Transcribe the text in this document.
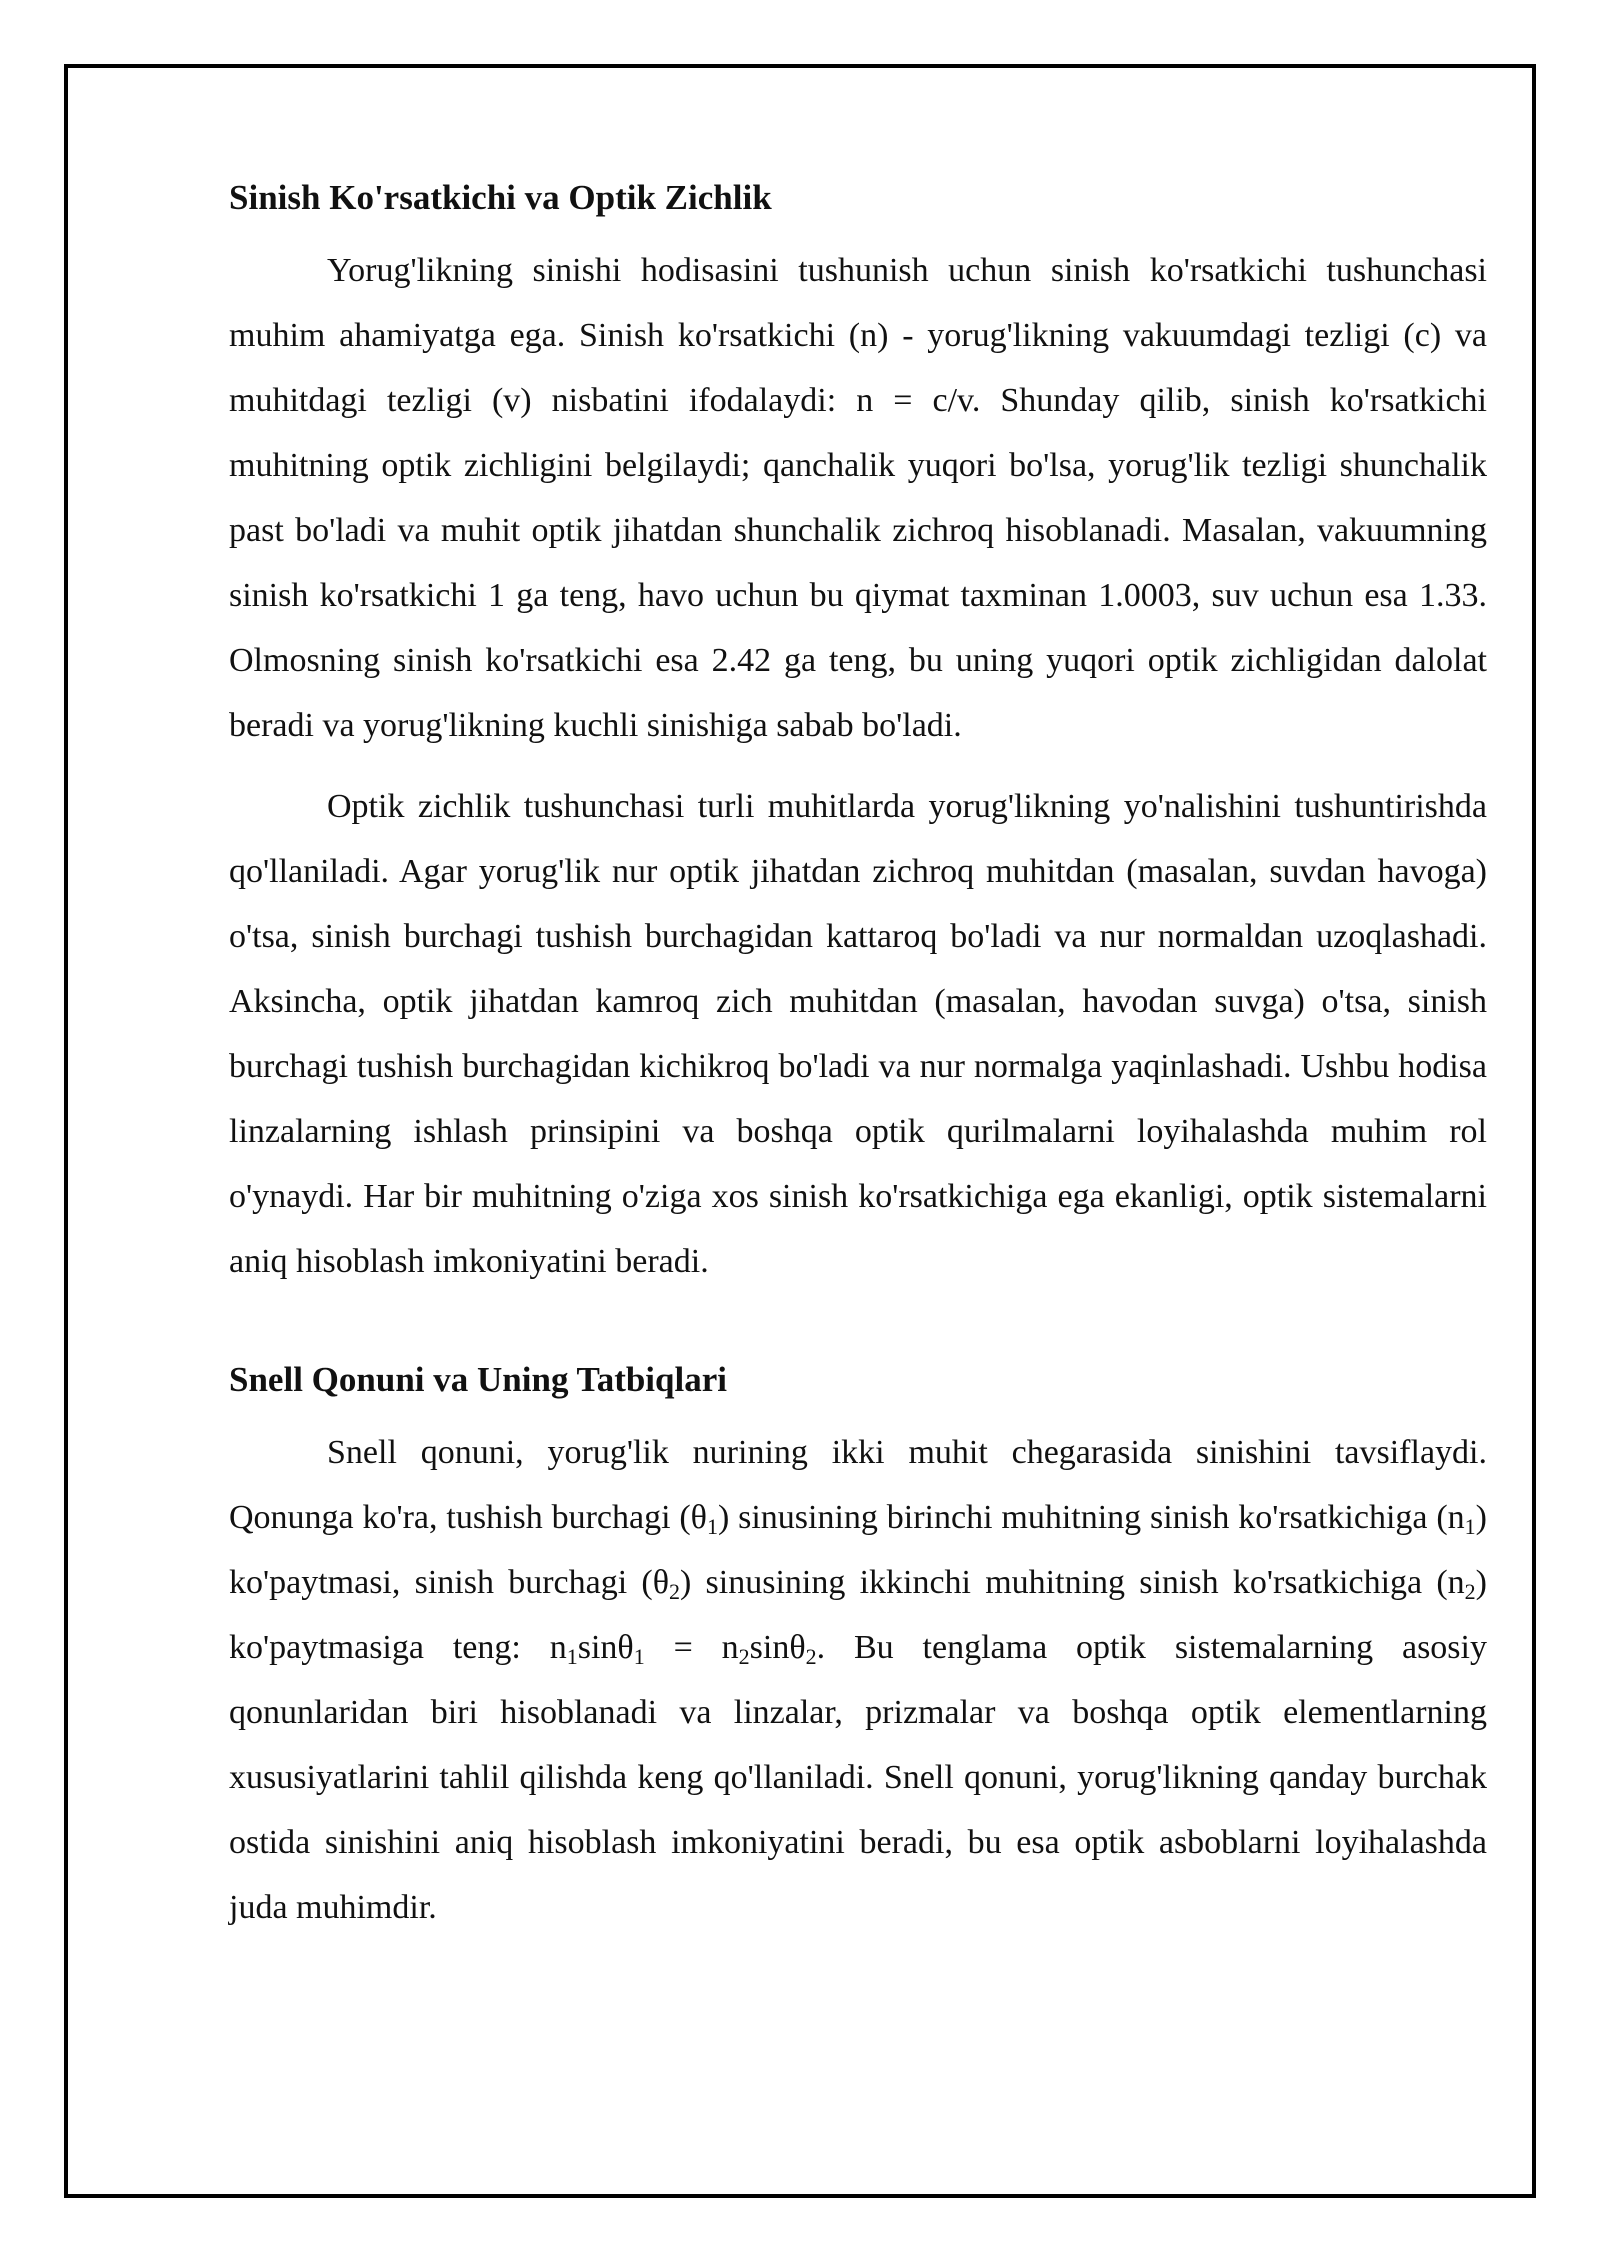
Sinish Ko'rsatkichi va Optik Zichlik

Yorug'likning sinishi hodisasini tushunish uchun sinish ko'rsatkichi tushunchasi muhim ahamiyatga ega. Sinish ko'rsatkichi (n) - yorug'likning vakuumdagi tezligi (c) va muhitdagi tezligi (v) nisbatini ifodalaydi: n = c/v. Shunday qilib, sinish ko'rsatkichi muhitning optik zichligini belgilaydi; qanchalik yuqori bo'lsa, yorug'lik tezligi shunchalik past bo'ladi va muhit optik jihatdan shunchalik zichroq hisoblanadi. Masalan, vakuumning sinish ko'rsatkichi 1 ga teng, havo uchun bu qiymat taxminan 1.0003, suv uchun esa 1.33. Olmosning sinish ko'rsatkichi esa 2.42 ga teng, bu uning yuqori optik zichligidan dalolat beradi va yorug'likning kuchli sinishiga sabab bo'ladi.

Optik zichlik tushunchasi turli muhitlarda yorug'likning yo'nalishini tushuntirishda qo'llaniladi. Agar yorug'lik nur optik jihatdan zichroq muhitdan (masalan, suvdan havoga) o'tsa, sinish burchagi tushish burchagidan kattaroq bo'ladi va nur normaldan uzoqlashadi. Aksincha, optik jihatdan kamroq zich muhitdan (masalan, havodan suvga) o'tsa, sinish burchagi tushish burchagidan kichikroq bo'ladi va nur normalga yaqinlashadi. Ushbu hodisa linzalarning ishlash prinsipini va boshqa optik qurilmalarni loyihalashda muhim rol o'ynaydi. Har bir muhitning o'ziga xos sinish ko'rsatkichiga ega ekanligi, optik sistemalarni aniq hisoblash imkoniyatini beradi.

Snell Qonuni va Uning Tatbiqlari

Snell qonuni, yorug'lik nurining ikki muhit chegarasida sinishini tavsiflaydi. Qonunga ko'ra, tushish burchagi $(\theta_1)$ sinusining birinchi muhitning sinish ko'rsatkichiga $(n_1)$ ko'paytmasi, sinish burchagi $(\theta_2)$ sinusining ikkinchi muhitning sinish ko'rsatkichiga $(n_2)$ ko'paytmasiga teng: $n_1\sin\theta_1 = n_2\sin\theta_2$. Bu tenglama optik sistemalarning asosiy qonunlaridan biri hisoblanadi va linzalar, prizmalar va boshqa optik elementlarning xususiyatlarini tahlil qilishda keng qo'llaniladi. Snell qonuni, yorug'likning qanday burchak ostida sinishini aniq hisoblash imkoniyatini beradi, bu esa optik asboblarni loyihalashda juda muhimdir.
